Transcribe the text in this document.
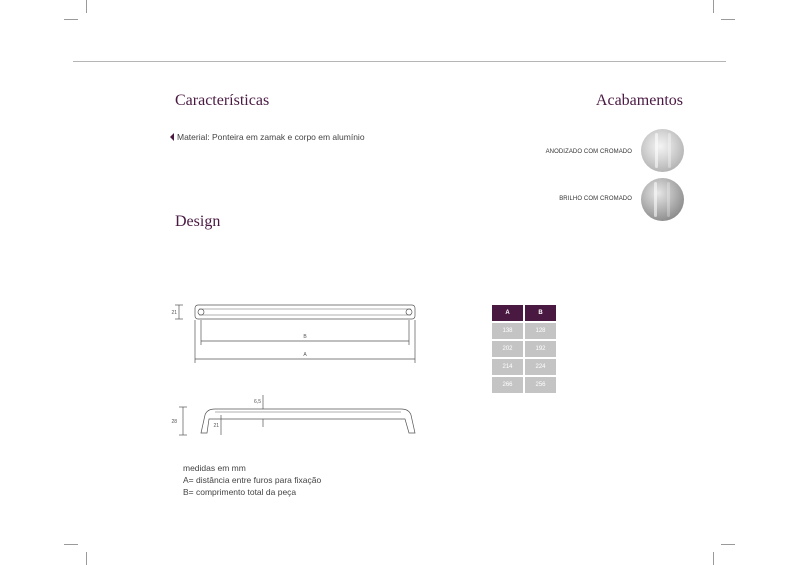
Características
Material: Ponteira em zamak e corpo em alumínio
Acabamentos
ANODIZADO COM CROMADO
BRILHO COM CROMADO
Design
21
B
A
28
21
6,5
A	B
138	128
202	192
214	224
266	256
medidas em mm
A= distância entre furos para fixação
B= comprimento total da peça
